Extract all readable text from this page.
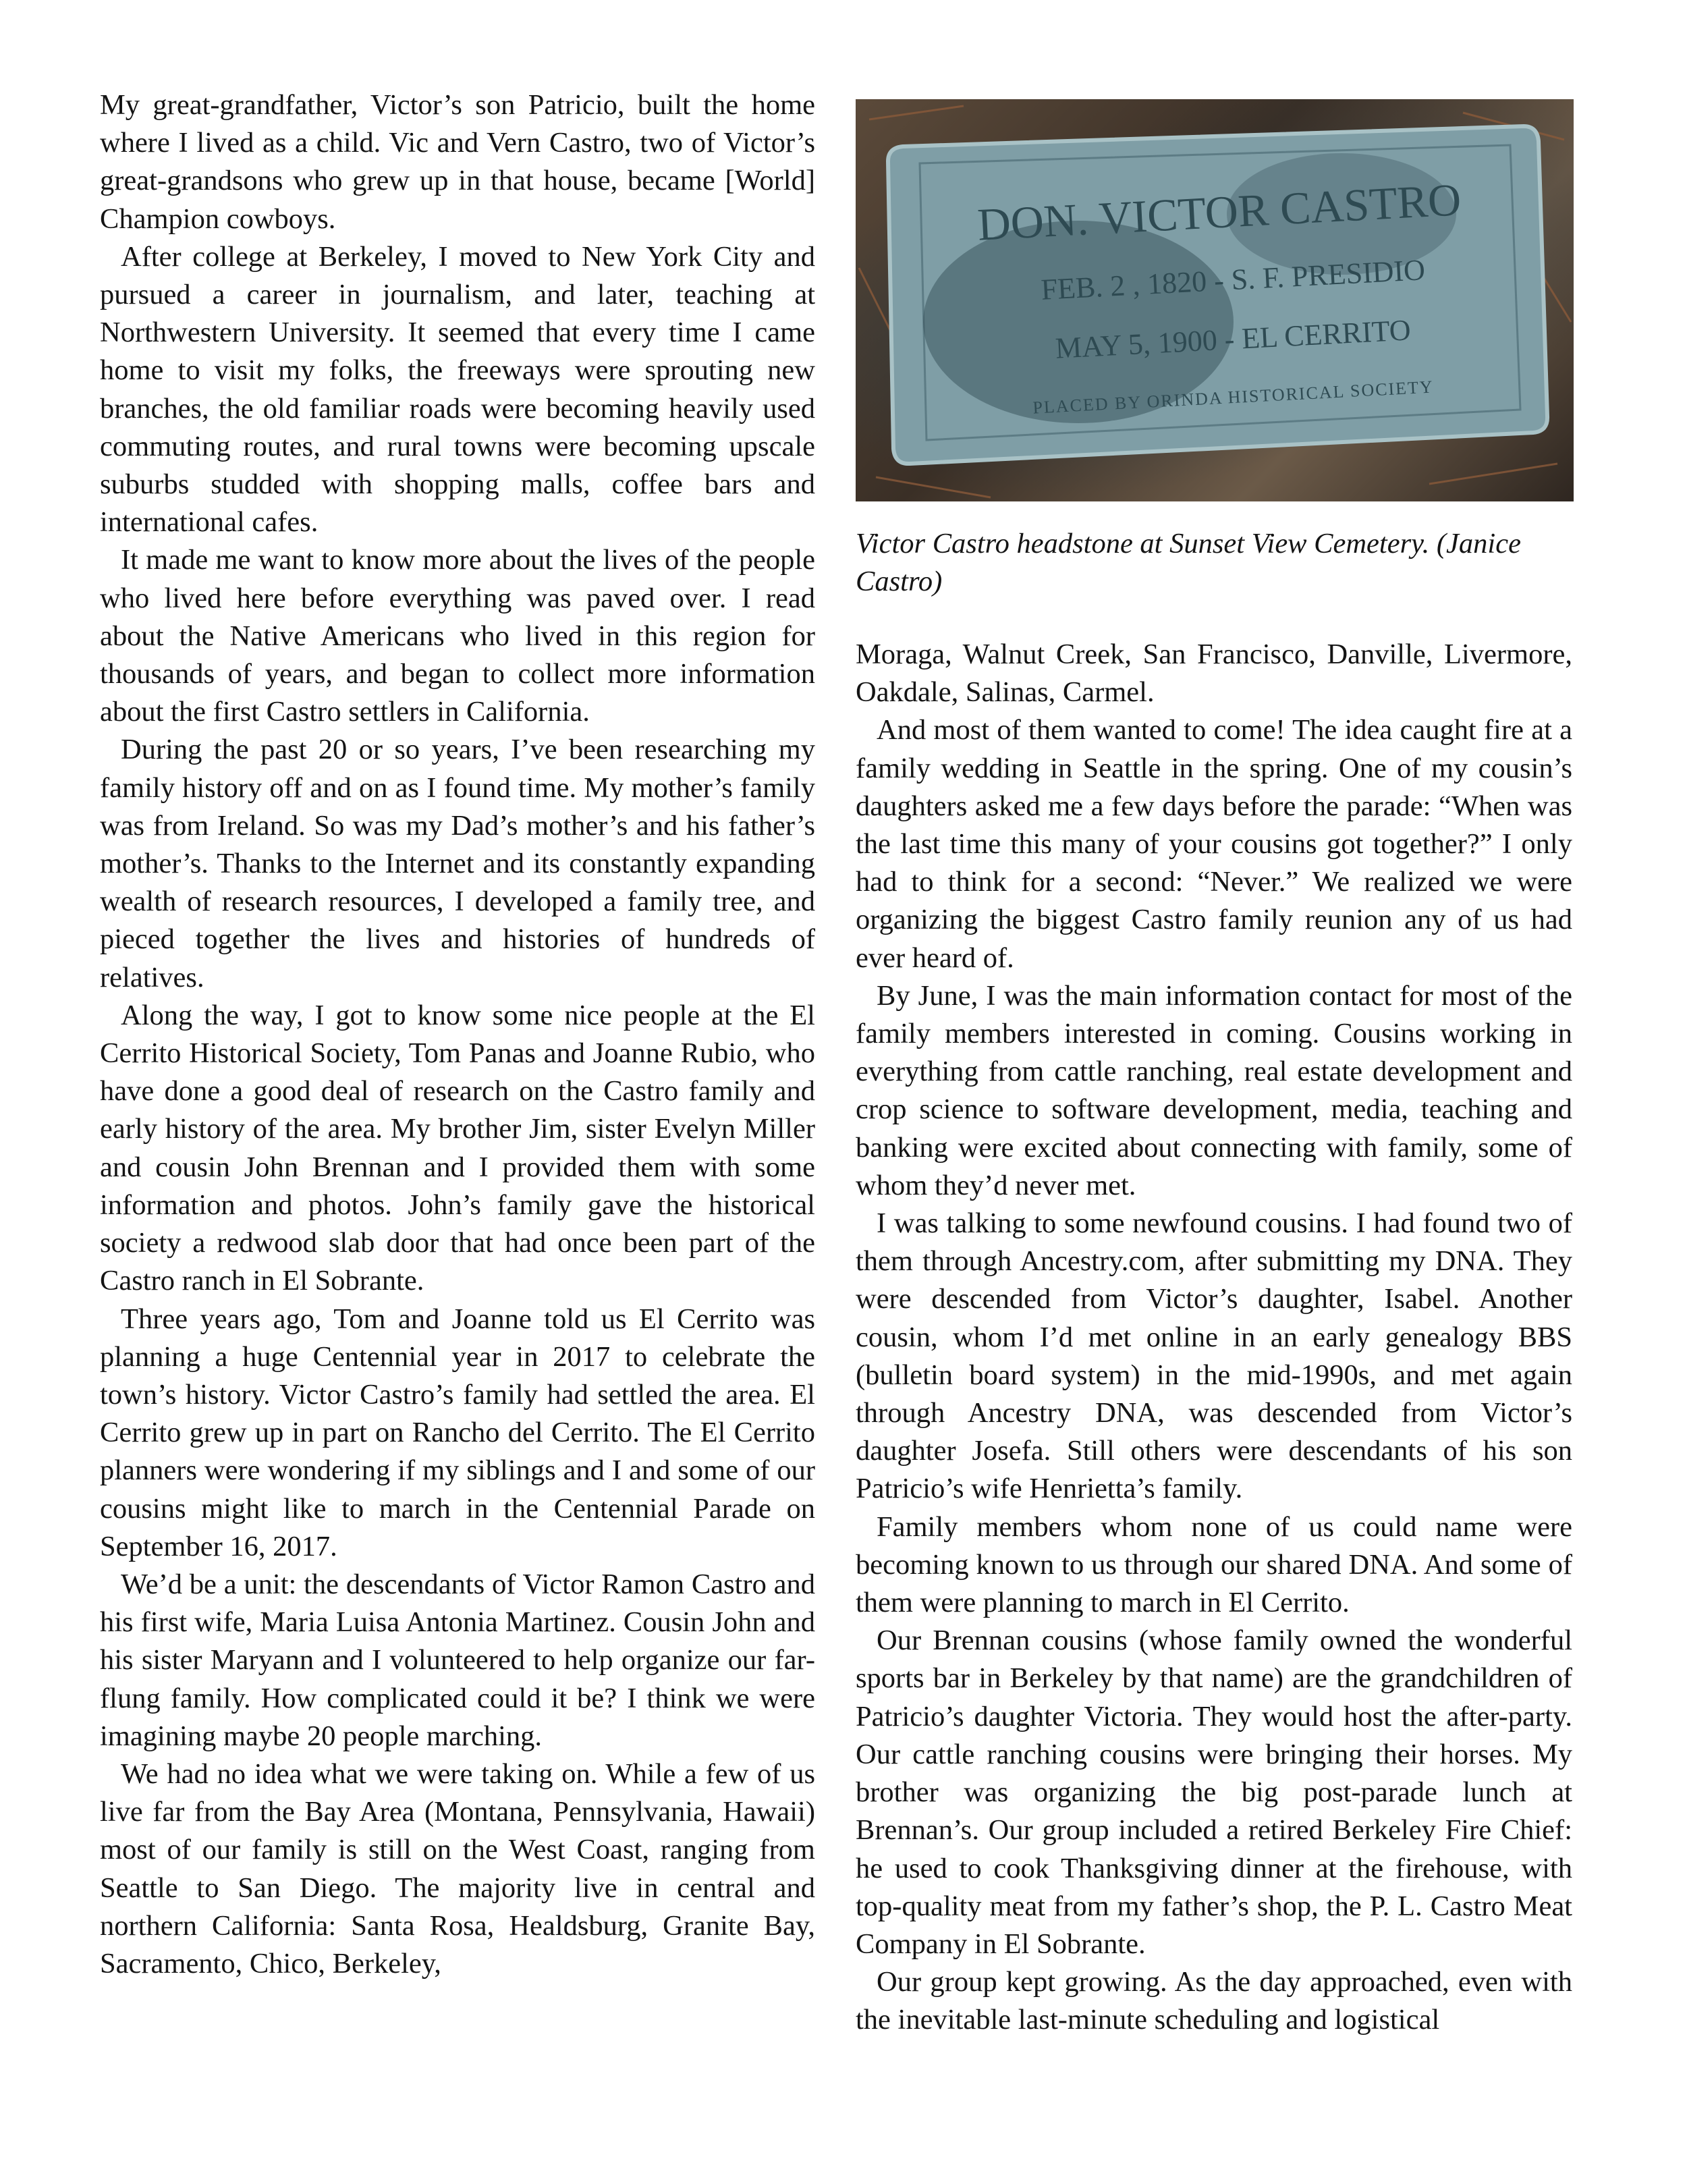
My great-grandfather, Victor’s son Patricio, built the home where I lived as a child. Vic and Vern Castro, two of Victor’s great-grandsons who grew up in that house, became [World] Champion cowboys.

After college at Berkeley, I moved to New York City and pursued a career in journalism, and later, teaching at Northwestern University. It seemed that every time I came home to visit my folks, the freeways were sprouting new branches, the old familiar roads were becoming heavily used commuting routes, and rural towns were becoming upscale suburbs studded with shopping malls, coffee bars and international cafes.

It made me want to know more about the lives of the people who lived here before everything was paved over. I read about the Native Americans who lived in this region for thousands of years, and began to collect more information about the first Castro settlers in California.

During the past 20 or so years, I’ve been researching my family history off and on as I found time. My mother’s family was from Ireland. So was my Dad’s mother’s and his father’s mother’s. Thanks to the Internet and its constantly expanding wealth of research resources, I developed a family tree, and pieced together the lives and histories of hundreds of relatives.

Along the way, I got to know some nice people at the El Cerrito Historical Society, Tom Panas and Joanne Rubio, who have done a good deal of research on the Castro family and early history of the area. My brother Jim, sister Evelyn Miller and cousin John Brennan and I provided them with some information and photos. John’s family gave the historical society a redwood slab door that had once been part of the Castro ranch in El Sobrante.

Three years ago, Tom and Joanne told us El Cerrito was planning a huge Centennial year in 2017 to celebrate the town’s history. Victor Castro’s family had settled the area. El Cerrito grew up in part on Rancho del Cerrito. The El Cerrito planners were wondering if my siblings and I and some of our cousins might like to march in the Centennial Parade on September 16, 2017.

We’d be a unit: the descendants of Victor Ramon Castro and his first wife, Maria Luisa Antonia Martinez. Cousin John and his sister Maryann and I volunteered to help organize our far-flung family. How complicated could it be? I think we were imagining maybe 20 people marching.

We had no idea what we were taking on. While a few of us live far from the Bay Area (Montana, Pennsylvania, Hawaii) most of our family is still on the West Coast, ranging from Seattle to San Diego. The majority live in central and northern California: Santa Rosa, Healdsburg, Granite Bay, Sacramento, Chico, Berkeley,

DON. VICTOR CASTRO
FEB. 2 , 1820 - S. F. PRESIDIO
MAY 5, 1900 - EL CERRITO
PLACED BY ORINDA HISTORICAL SOCIETY
Victor Castro headstone at Sunset View Cemetery. (Janice Castro)

Moraga, Walnut Creek, San Francisco, Danville, Livermore, Oakdale, Salinas, Carmel.

And most of them wanted to come! The idea caught fire at a family wedding in Seattle in the spring. One of my cousin’s daughters asked me a few days before the parade: “When was the last time this many of your cousins got together?” I only had to think for a second: “Never.” We realized we were organizing the biggest Castro family reunion any of us had ever heard of.

By June, I was the main information contact for most of the family members interested in coming. Cousins working in everything from cattle ranching, real estate development and crop science to software development, media, teaching and banking were excited about connecting with family, some of whom they’d never met.

I was talking to some newfound cousins. I had found two of them through Ancestry.com, after submitting my DNA. They were descended from Victor’s daughter, Isabel. Another cousin, whom I’d met online in an early genealogy BBS (bulletin board system) in the mid-1990s, and met again through Ancestry DNA, was descended from Victor’s daughter Josefa. Still others were descendants of his son Patricio’s wife Henrietta’s family.

Family members whom none of us could name were becoming known to us through our shared DNA. And some of them were planning to march in El Cerrito.

Our Brennan cousins (whose family owned the wonderful sports bar in Berkeley by that name) are the grandchildren of Patricio’s daughter Victoria. They would host the after-party. Our cattle ranching cousins were bringing their horses. My brother was organizing the big post-parade lunch at Brennan’s. Our group included a retired Berkeley Fire Chief: he used to cook Thanksgiving dinner at the firehouse, with top-quality meat from my father’s shop, the P. L. Castro Meat Company in El Sobrante.

Our group kept growing. As the day approached, even with the inevitable last-minute scheduling and logistical
